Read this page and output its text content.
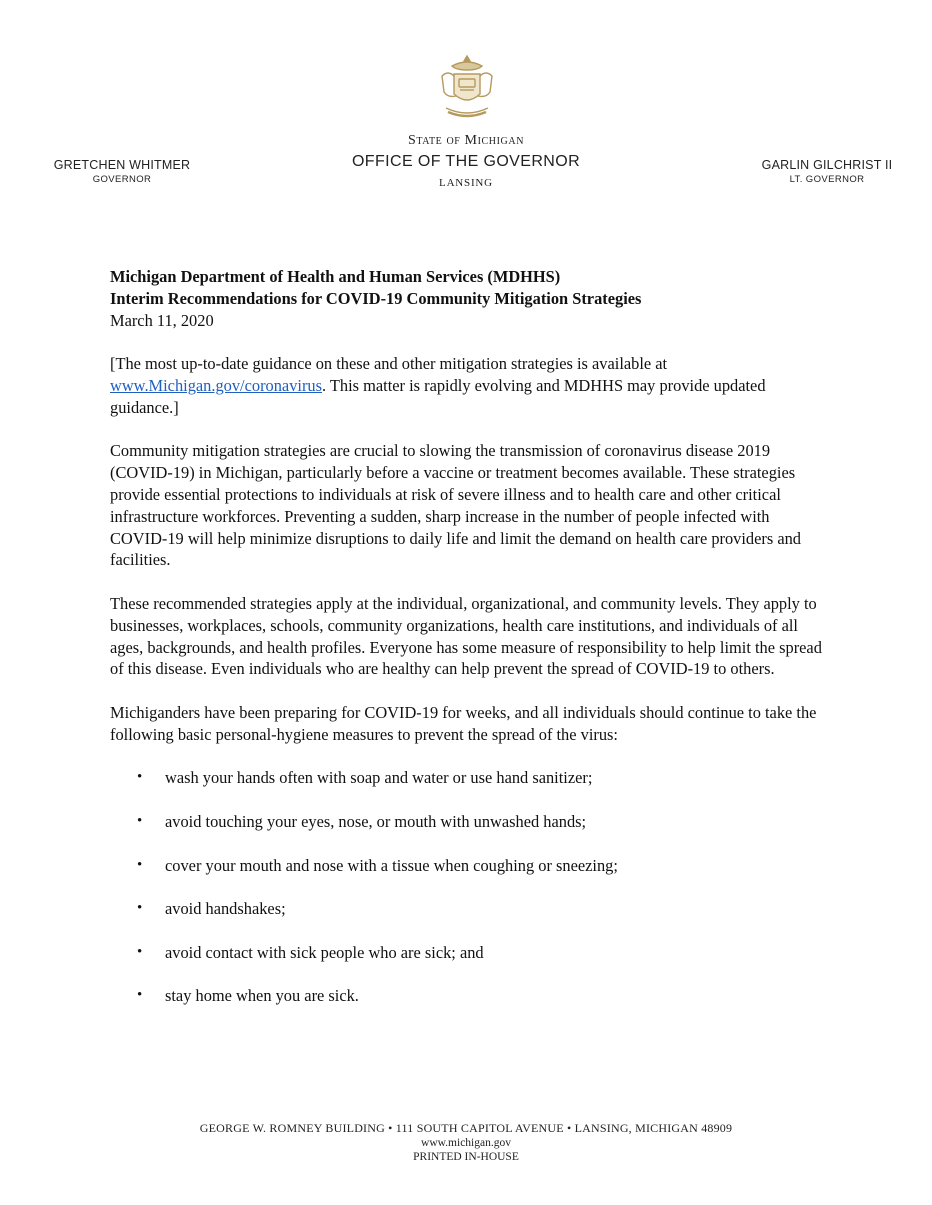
State of Michigan
OFFICE OF THE GOVERNOR
LANSING
GRETCHEN WHITMER
GOVERNOR
GARLIN GILCHRIST II
LT. GOVERNOR
Michigan Department of Health and Human Services (MDHHS)
Interim Recommendations for COVID-19 Community Mitigation Strategies
March 11, 2020

[The most up-to-date guidance on these and other mitigation strategies is available at
www.Michigan.gov/coronavirus. This matter is rapidly evolving and MDHHS may provide updated guidance.]

Community mitigation strategies are crucial to slowing the transmission of coronavirus disease 2019 (COVID-19) in Michigan, particularly before a vaccine or treatment becomes available. These strategies provide essential protections to individuals at risk of severe illness and to health care and other critical infrastructure workforces. Preventing a sudden, sharp increase in the number of people infected with COVID-19 will help minimize disruptions to daily life and limit the demand on health care providers and facilities.

These recommended strategies apply at the individual, organizational, and community levels. They apply to businesses, workplaces, schools, community organizations, health care institutions, and individuals of all ages, backgrounds, and health profiles. Everyone has some measure of responsibility to help limit the spread of this disease. Even individuals who are healthy can help prevent the spread of COVID-19 to others.

Michiganders have been preparing for COVID-19 for weeks, and all individuals should continue to take the following basic personal-hygiene measures to prevent the spread of the virus:

• wash your hands often with soap and water or use hand sanitizer;
• avoid touching your eyes, nose, or mouth with unwashed hands;
• cover your mouth and nose with a tissue when coughing or sneezing;
• avoid handshakes;
• avoid contact with sick people who are sick; and
• stay home when you are sick.
GEORGE W. ROMNEY BUILDING • 111 SOUTH CAPITOL AVENUE • LANSING, MICHIGAN 48909
www.michigan.gov
PRINTED IN-HOUSE
